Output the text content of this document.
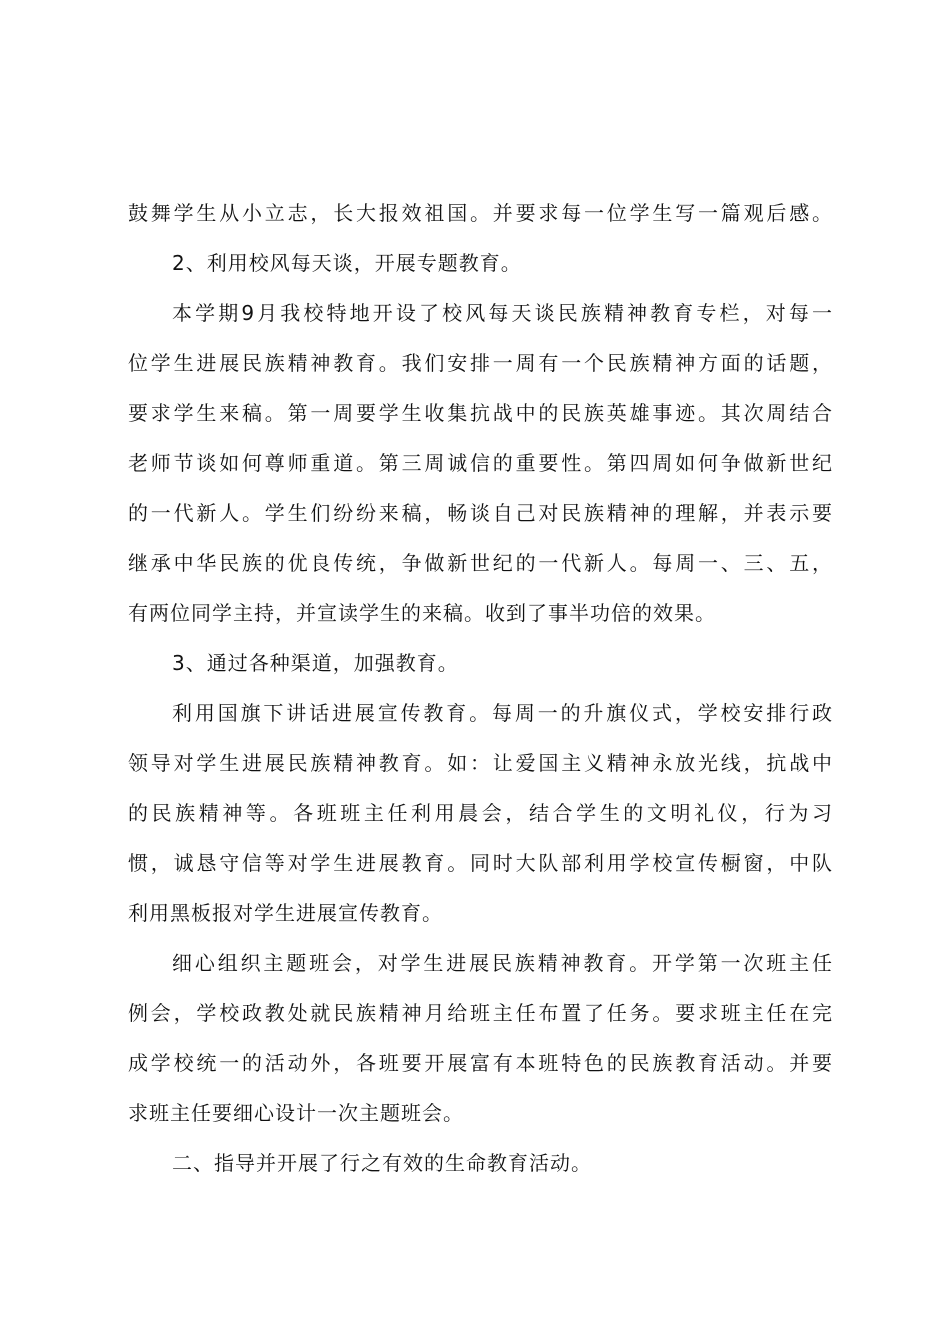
鼓舞学生从小立志，长大报效祖国。并要求每一位学生写一篇观后感。
2、利用校风每天谈，开展专题教育。
本学期9月我校特地开设了校风每天谈民族精神教育专栏，对每一
位学生进展民族精神教育。我们安排一周有一个民族精神方面的话题，
要求学生来稿。第一周要学生收集抗战中的民族英雄事迹。其次周结合
老师节谈如何尊师重道。第三周诚信的重要性。第四周如何争做新世纪
的一代新人。学生们纷纷来稿，畅谈自己对民族精神的理解，并表示要
继承中华民族的优良传统，争做新世纪的一代新人。每周一、三、五，
有两位同学主持，并宣读学生的来稿。收到了事半功倍的效果。
3、通过各种渠道，加强教育。
利用国旗下讲话进展宣传教育。每周一的升旗仪式，学校安排行政
领导对学生进展民族精神教育。如：让爱国主义精神永放光线，抗战中
的民族精神等。各班班主任利用晨会，结合学生的文明礼仪，行为习
惯，诚恳守信等对学生进展教育。同时大队部利用学校宣传橱窗，中队
利用黑板报对学生进展宣传教育。
细心组织主题班会，对学生进展民族精神教育。开学第一次班主任
例会，学校政教处就民族精神月给班主任布置了任务。要求班主任在完
成学校统一的活动外，各班要开展富有本班特色的民族教育活动。并要
求班主任要细心设计一次主题班会。
二、指导并开展了行之有效的生命教育活动。
